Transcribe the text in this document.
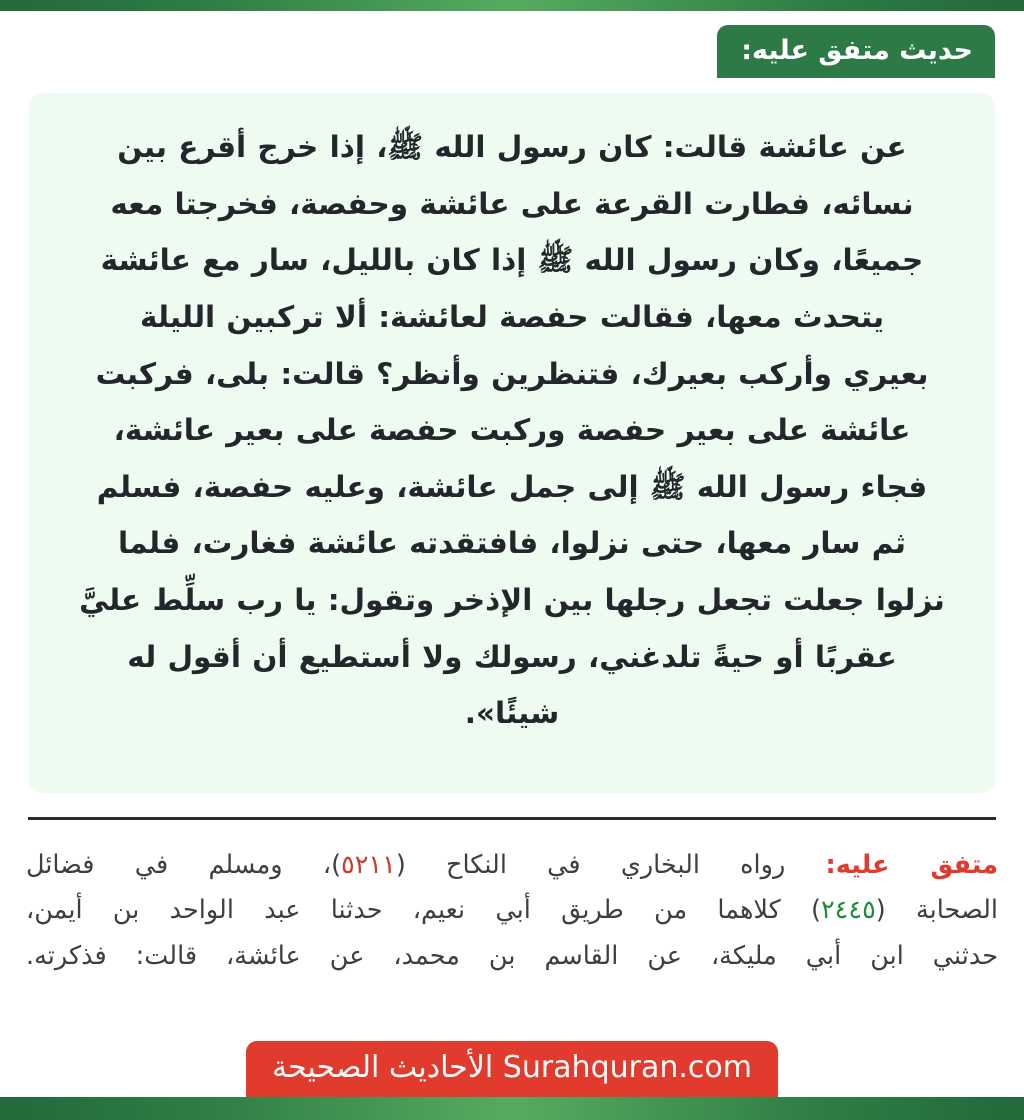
حديث متفق عليه:
عن عائشة قالت: كان رسول الله ﷺ، إذا خرج أقرع بين
نسائه، فطارت القرعة على عائشة وحفصة، فخرجتا معه
جميعًا، وكان رسول الله ﷺ إذا كان بالليل، سار مع عائشة
يتحدث معها، فقالت حفصة لعائشة: ألا تركبين الليلة
بعيري وأركب بعيرك، فتنظرين وأنظر؟ قالت: بلى، فركبت
عائشة على بعير حفصة وركبت حفصة على بعير عائشة،
فجاء رسول الله ﷺ إلى جمل عائشة، وعليه حفصة، فسلم
ثم سار معها، حتى نزلوا، فافتقدته عائشة فغارت، فلما
نزلوا جعلت تجعل رجلها بين الإذخر وتقول: يا رب سلِّط عليَّ
عقربًا أو حيةً تلدغني، رسولك ولا أستطيع أن أقول له
شيئًا».
متفق عليه: رواه البخاري في النكاح (٥٢١١)، ومسلم في فضائل
الصحابة (٢٤٤٥) كلاهما من طريق أبي نعيم، حدثنا عبد الواحد بن أيمن،
حدثني ابن أبي مليكة، عن القاسم بن محمد، عن عائشة، قالت: فذكرته.
Surahquran.com الأحاديث الصحيحة
